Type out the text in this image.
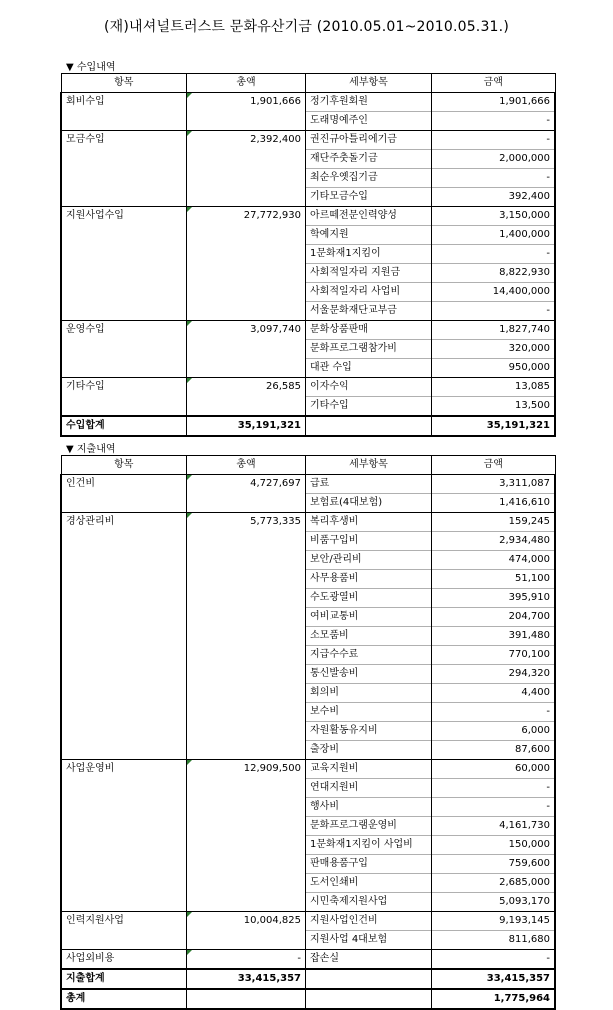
(재)내셔널트러스트 문화유산기금 (2010.05.01~2010.05.31.)
▼ 수입내역
항목	총액	세부항목	금액
회비수입	1,901,666	정기후원회원	1,901,666
		도래명예주인	-
모금수입	2,392,400	권진규아틀리에기금	-
		재단주춧돌기금	2,000,000
		최순우옛집기금	-
		기타모금수입	392,400
지원사업수입	27,772,930	아르떼전문인력양성	3,150,000
		학예지원	1,400,000
		1문화재1지킴이	-
		사회적일자리 지원금	8,822,930
		사회적일자리 사업비	14,400,000
		서울문화재단교부금	-
운영수입	3,097,740	문화상품판매	1,827,740
		문화프로그램참가비	320,000
		대관 수입	950,000
기타수입	26,585	이자수익	13,085
		기타수입	13,500
수입합계	35,191,321		35,191,321
▼ 지출내역
항목	총액	세부항목	금액
인건비	4,727,697	급료	3,311,087
		보험료(4대보험)	1,416,610
경상관리비	5,773,335	복리후생비	159,245
		비품구입비	2,934,480
		보안/관리비	474,000
		사무용품비	51,100
		수도광열비	395,910
		여비교통비	204,700
		소모품비	391,480
		지급수수료	770,100
		통신발송비	294,320
		회의비	4,400
		보수비	-
		자원활동유지비	6,000
		출장비	87,600
사업운영비	12,909,500	교육지원비	60,000
		연대지원비	-
		행사비	-
		문화프로그램운영비	4,161,730
		1문화재1지킴이 사업비	150,000
		판매용품구입	759,600
		도서인쇄비	2,685,000
		시민축제지원사업	5,093,170
인력지원사업	10,004,825	지원사업인건비	9,193,145
		지원사업 4대보험	811,680
사업외비용	-	잡손실	-
지출합계	33,415,357		33,415,357
총계			1,775,964
